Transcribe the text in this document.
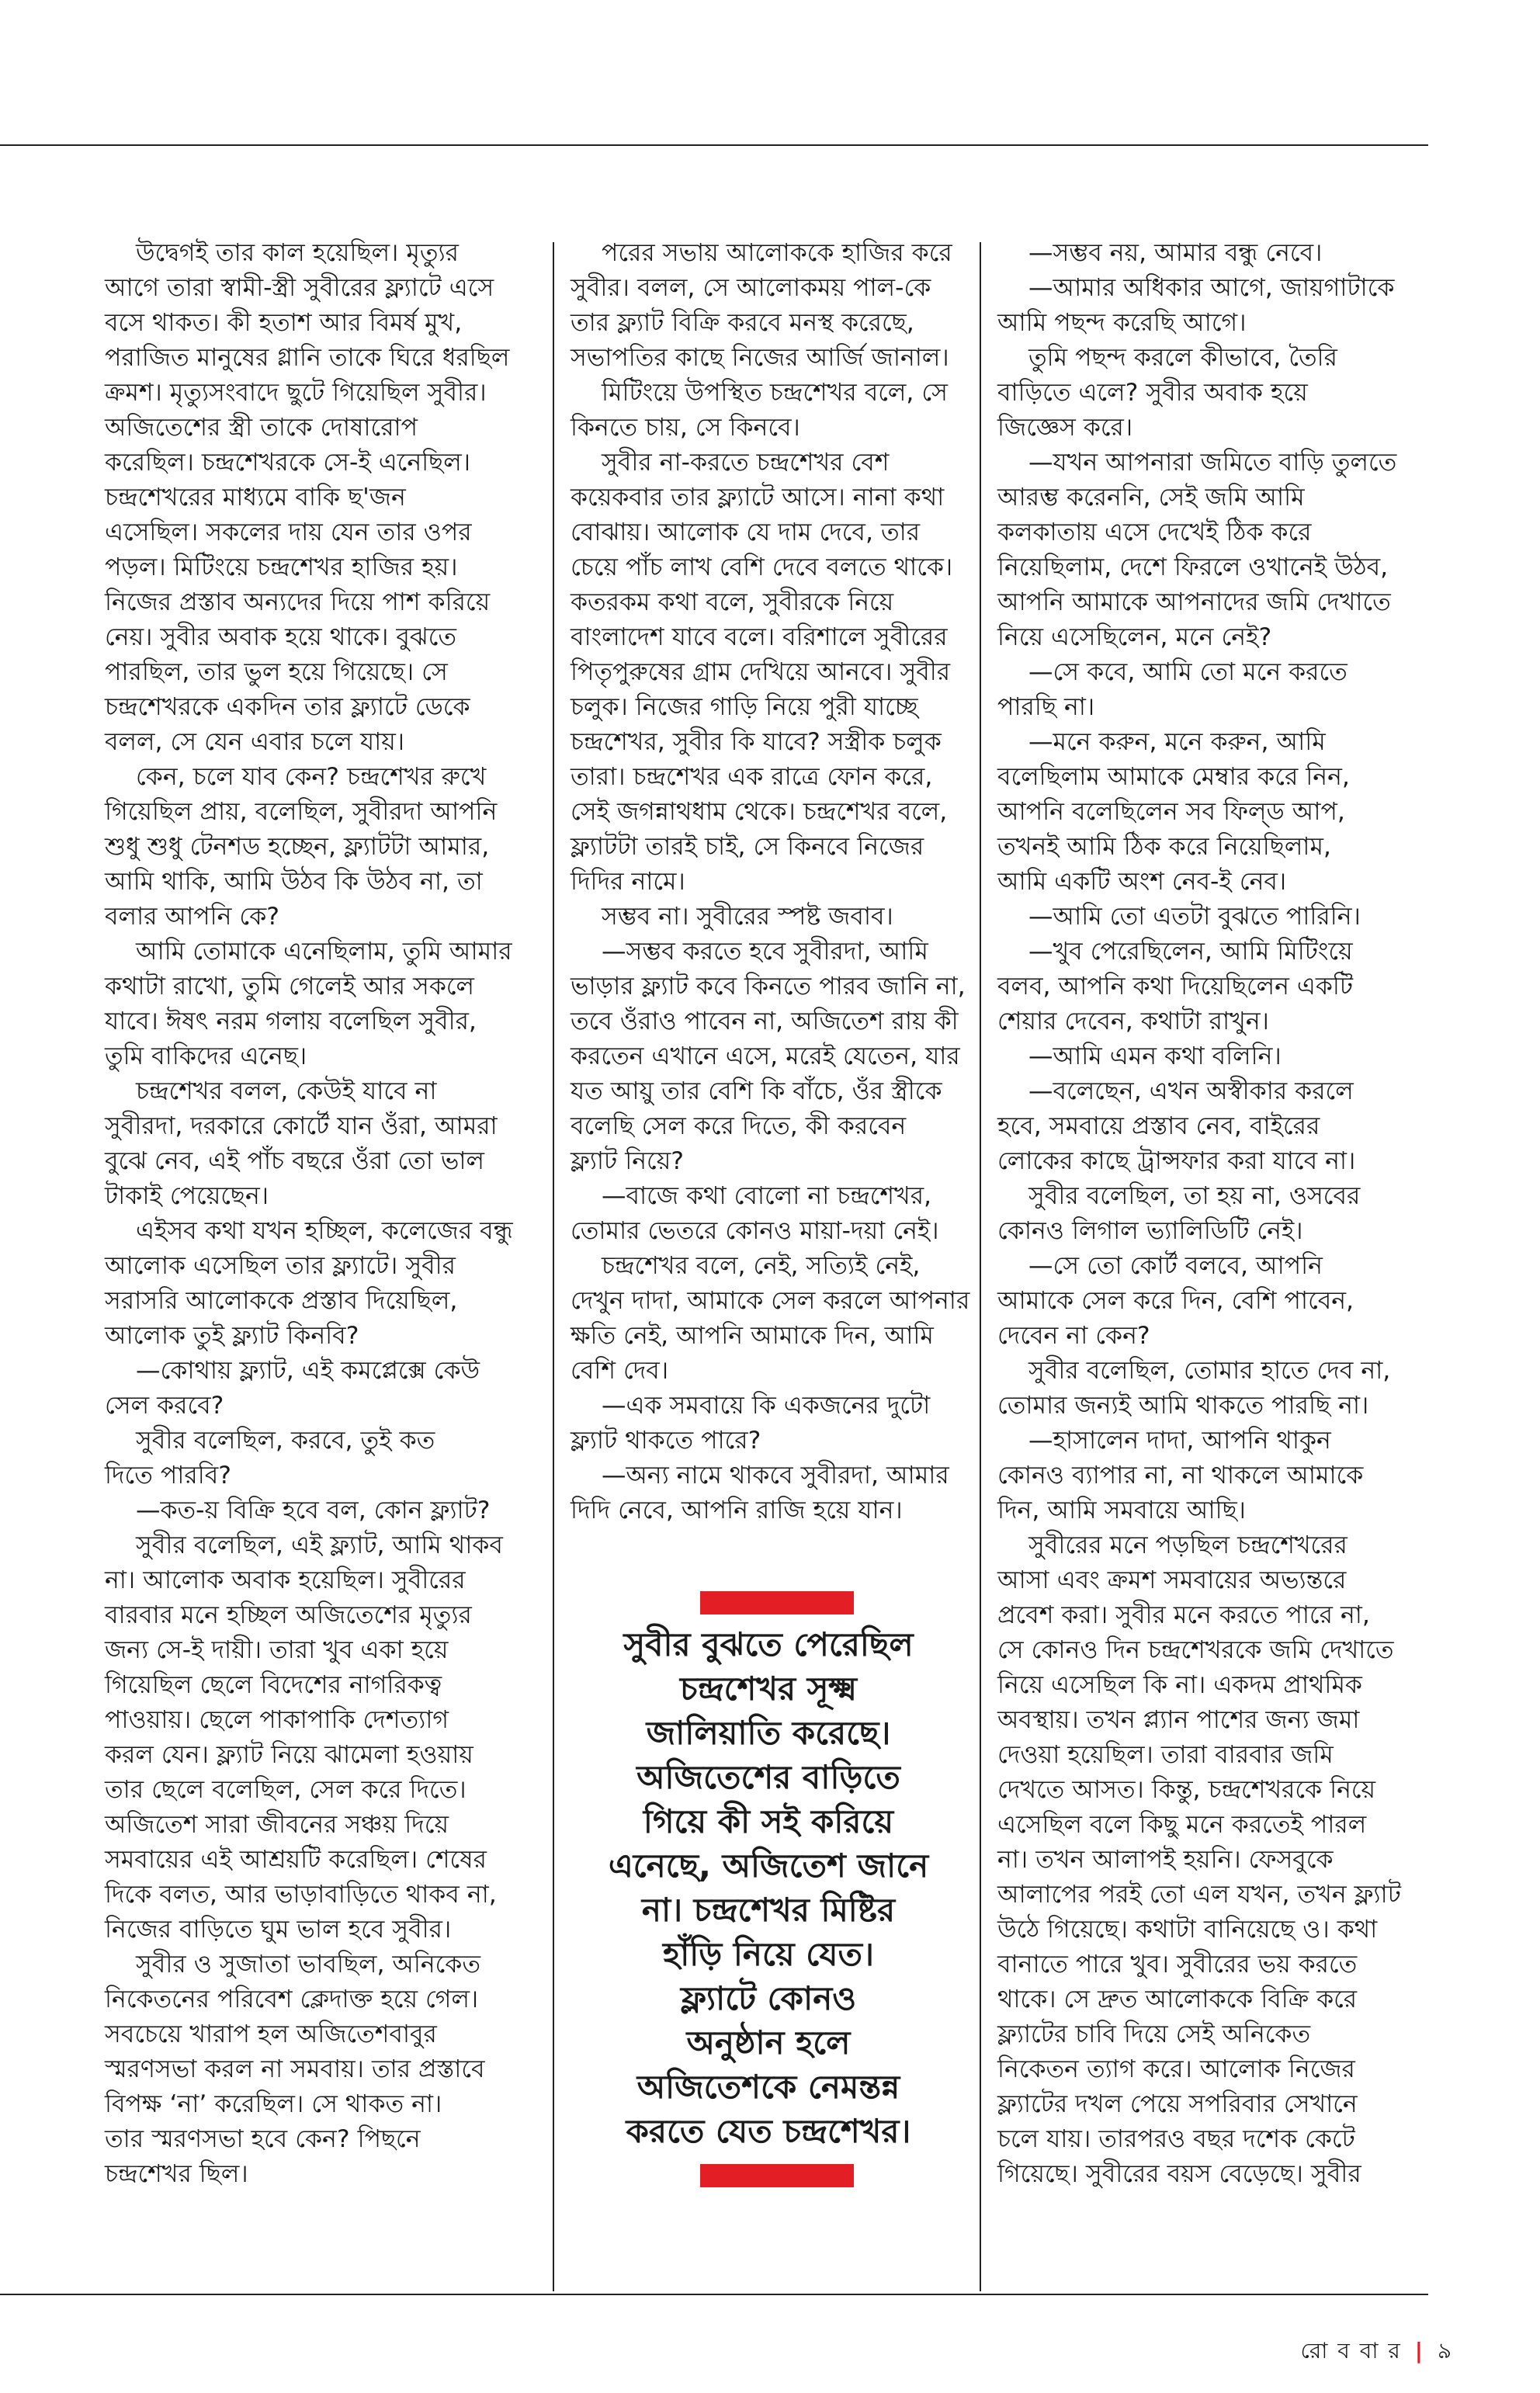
উদ্বেগই তার কাল হয়েছিল। মৃত্যুর

আগে তারা স্বামী-স্ত্রী সুবীরের ফ্ল্যাটে এসে

বসে থাকত। কী হতাশ আর বিমর্ষ মুখ,

পরাজিত মানুষের গ্লানি তাকে ঘিরে ধরছিল

ক্রমশ। মৃত্যুসংবাদে ছুটে গিয়েছিল সুবীর।

অজিতেশের স্ত্রী তাকে দোষারোপ

করেছিল। চন্দ্রশেখরকে সে-ই এনেছিল।

চন্দ্রশেখরের মাধ্যমে বাকি ছ'জন

এসেছিল। সকলের দায় যেন তার ওপর

পড়ল। মিটিংয়ে চন্দ্রশেখর হাজির হয়।

নিজের প্রস্তাব অন্যদের দিয়ে পাশ করিয়ে

নেয়। সুবীর অবাক হয়ে থাকে। বুঝতে

পারছিল, তার ভুল হয়ে গিয়েছে। সে

চন্দ্রশেখরকে একদিন তার ফ্ল্যাটে ডেকে

বলল, সে যেন এবার চলে যায়।

কেন, চলে যাব কেন? চন্দ্রশেখর রুখে

গিয়েছিল প্রায়, বলেছিল, সুবীরদা আপনি

শুধু শুধু টেনশড হচ্ছেন, ফ্ল্যাটটা আমার,

আমি থাকি, আমি উঠব কি উঠব না, তা

বলার আপনি কে?

আমি তোমাকে এনেছিলাম, তুমি আমার

কথাটা রাখো, তুমি গেলেই আর সকলে

যাবে। ঈষৎ নরম গলায় বলেছিল সুবীর,

তুমি বাকিদের এনেছ।

চন্দ্রশেখর বলল, কেউই যাবে না

সুবীরদা, দরকারে কোর্টে যান ওঁরা, আমরা

বুঝে নেব, এই পাঁচ বছরে ওঁরা তো ভাল

টাকাই পেয়েছেন।

এইসব কথা যখন হচ্ছিল, কলেজের বন্ধু

আলোক এসেছিল তার ফ্ল্যাটে। সুবীর

সরাসরি আলোককে প্রস্তাব দিয়েছিল,

আলোক তুই ফ্ল্যাট কিনবি?

—কোথায় ফ্ল্যাট, এই কমপ্লেক্সে কেউ

সেল করবে?

সুবীর বলেছিল, করবে, তুই কত

দিতে পারবি?

—কত-য় বিক্রি হবে বল, কোন ফ্ল্যাট?

সুবীর বলেছিল, এই ফ্ল্যাট, আমি থাকব

না। আলোক অবাক হয়েছিল। সুবীরের

বারবার মনে হচ্ছিল অজিতেশের মৃত্যুর

জন্য সে-ই দায়ী। তারা খুব একা হয়ে

গিয়েছিল ছেলে বিদেশের নাগরিকত্ব

পাওয়ায়। ছেলে পাকাপাকি দেশত্যাগ

করল যেন। ফ্ল্যাট নিয়ে ঝামেলা হওয়ায়

তার ছেলে বলেছিল, সেল করে দিতে।

অজিতেশ সারা জীবনের সঞ্চয় দিয়ে

সমবায়ের এই আশ্রয়টি করেছিল। শেষের

দিকে বলত, আর ভাড়াবাড়িতে থাকব না,

নিজের বাড়িতে ঘুম ভাল হবে সুবীর।

সুবীর ও সুজাতা ভাবছিল, অনিকেত

নিকেতনের পরিবেশ ক্লেদাক্ত হয়ে গেল।

সবচেয়ে খারাপ হল অজিতেশবাবুর

স্মরণসভা করল না সমবায়। তার প্রস্তাবে

বিপক্ষ ‘না’ করেছিল। সে থাকত না।

তার স্মরণসভা হবে কেন? পিছনে

চন্দ্রশেখর ছিল।

পরের সভায় আলোককে হাজির করে

সুবীর। বলল, সে আলোকময় পাল-কে

তার ফ্ল্যাট বিক্রি করবে মনস্থ করেছে,

সভাপতির কাছে নিজের আর্জি জানাল।

মিটিংয়ে উপস্থিত চন্দ্রশেখর বলে, সে

কিনতে চায়, সে কিনবে।

সুবীর না-করতে চন্দ্রশেখর বেশ

কয়েকবার তার ফ্ল্যাটে আসে। নানা কথা

বোঝায়। আলোক যে দাম দেবে, তার

চেয়ে পাঁচ লাখ বেশি দেবে বলতে থাকে।

কতরকম কথা বলে, সুবীরকে নিয়ে

বাংলাদেশ যাবে বলে। বরিশালে সুবীরের

পিতৃপুরুষের গ্রাম দেখিয়ে আনবে। সুবীর

চলুক। নিজের গাড়ি নিয়ে পুরী যাচ্ছে

চন্দ্রশেখর, সুবীর কি যাবে? সস্ত্রীক চলুক

তারা। চন্দ্রশেখর এক রাত্রে ফোন করে,

সেই জগন্নাথধাম থেকে। চন্দ্রশেখর বলে,

ফ্ল্যাটটা তারই চাই, সে কিনবে নিজের

দিদির নামে।

সম্ভব না। সুবীরের স্পষ্ট জবাব।

—সম্ভব করতে হবে সুবীরদা, আমি

ভাড়ার ফ্ল্যাট কবে কিনতে পারব জানি না,

তবে ওঁরাও পাবেন না, অজিতেশ রায় কী

করতেন এখানে এসে, মরেই যেতেন, যার

যত আয়ু তার বেশি কি বাঁচে, ওঁর স্ত্রীকে

বলেছি সেল করে দিতে, কী করবেন

ফ্ল্যাট নিয়ে?

—বাজে কথা বোলো না চন্দ্রশেখর,

তোমার ভেতরে কোনও মায়া-দয়া নেই।

চন্দ্রশেখর বলে, নেই, সত্যিই নেই,

দেখুন দাদা, আমাকে সেল করলে আপনার

ক্ষতি নেই, আপনি আমাকে দিন, আমি

বেশি দেব।

—এক সমবায়ে কি একজনের দুটো

ফ্ল্যাট থাকতে পারে?

—অন্য নামে থাকবে সুবীরদা, আমার

দিদি নেবে, আপনি রাজি হয়ে যান।

—সম্ভব নয়, আমার বন্ধু নেবে।

—আমার অধিকার আগে, জায়গাটাকে

আমি পছন্দ করেছি আগে।

তুমি পছন্দ করলে কীভাবে, তৈরি

বাড়িতে এলে? সুবীর অবাক হয়ে

জিজ্ঞেস করে।

—যখন আপনারা জমিতে বাড়ি তুলতে

আরম্ভ করেননি, সেই জমি আমি

কলকাতায় এসে দেখেই ঠিক করে

নিয়েছিলাম, দেশে ফিরলে ওখানেই উঠব,

আপনি আমাকে আপনাদের জমি দেখাতে

নিয়ে এসেছিলেন, মনে নেই?

—সে কবে, আমি তো মনে করতে

পারছি না।

—মনে করুন, মনে করুন, আমি

বলেছিলাম আমাকে মেম্বার করে নিন,

আপনি বলেছিলেন সব ফিল্‌ড আপ,

তখনই আমি ঠিক করে নিয়েছিলাম,

আমি একটি অংশ নেব-ই নেব।

—আমি তো এতটা বুঝতে পারিনি।

—খুব পেরেছিলেন, আমি মিটিংয়ে

বলব, আপনি কথা দিয়েছিলেন একটি

শেয়ার দেবেন, কথাটা রাখুন।

—আমি এমন কথা বলিনি।

—বলেছেন, এখন অস্বীকার করলে

হবে, সমবায়ে প্রস্তাব নেব, বাইরের

লোকের কাছে ট্রান্সফার করা যাবে না।

সুবীর বলেছিল, তা হয় না, ওসবের

কোনও লিগাল ভ্যালিডিটি নেই।

—সে তো কোর্ট বলবে, আপনি

আমাকে সেল করে দিন, বেশি পাবেন,

দেবেন না কেন?

সুবীর বলেছিল, তোমার হাতে দেব না,

তোমার জন্যই আমি থাকতে পারছি না।

—হাসালেন দাদা, আপনি থাকুন

কোনও ব্যাপার না, না থাকলে আমাকে

দিন, আমি সমবায়ে আছি।

সুবীরের মনে পড়ছিল চন্দ্রশেখরের

আসা এবং ক্রমশ সমবায়ের অভ্যন্তরে

প্রবেশ করা। সুবীর মনে করতে পারে না,

সে কোনও দিন চন্দ্রশেখরকে জমি দেখাতে

নিয়ে এসেছিল কি না। একদম প্রাথমিক

অবস্থায়। তখন প্ল্যান পাশের জন্য জমা

দেওয়া হয়েছিল। তারা বারবার জমি

দেখতে আসত। কিন্তু, চন্দ্রশেখরকে নিয়ে

এসেছিল বলে কিছু মনে করতেই পারল

না। তখন আলাপই হয়নি। ফেসবুকে

আলাপের পরই তো এল যখন, তখন ফ্ল্যাট

উঠে গিয়েছে। কথাটা বানিয়েছে ও। কথা

বানাতে পারে খুব। সুবীরের ভয় করতে

থাকে। সে দ্রুত আলোককে বিক্রি করে

ফ্ল্যাটের চাবি দিয়ে সেই অনিকেত

নিকেতন ত্যাগ করে। আলোক নিজের

ফ্ল্যাটের দখল পেয়ে সপরিবার সেখানে

চলে যায়। তারপরও বছর দশেক কেটে

গিয়েছে। সুবীরের বয়স বেড়েছে। সুবীর

সুবীর বুঝতে পেরেছিল
চন্দ্রশেখর সূক্ষ্ম
জালিয়াতি করেছে।
অজিতেশের বাড়িতে
গিয়ে কী সই করিয়ে
এনেছে, অজিতেশ জানে
না। চন্দ্রশেখর মিষ্টির
হাঁড়ি নিয়ে যেত।
ফ্ল্যাটে কোনও
অনুষ্ঠান হলে
অজিতেশকে নেমন্তন্ন
করতে যেত চন্দ্রশেখর।
রো ব বা র | ৯
